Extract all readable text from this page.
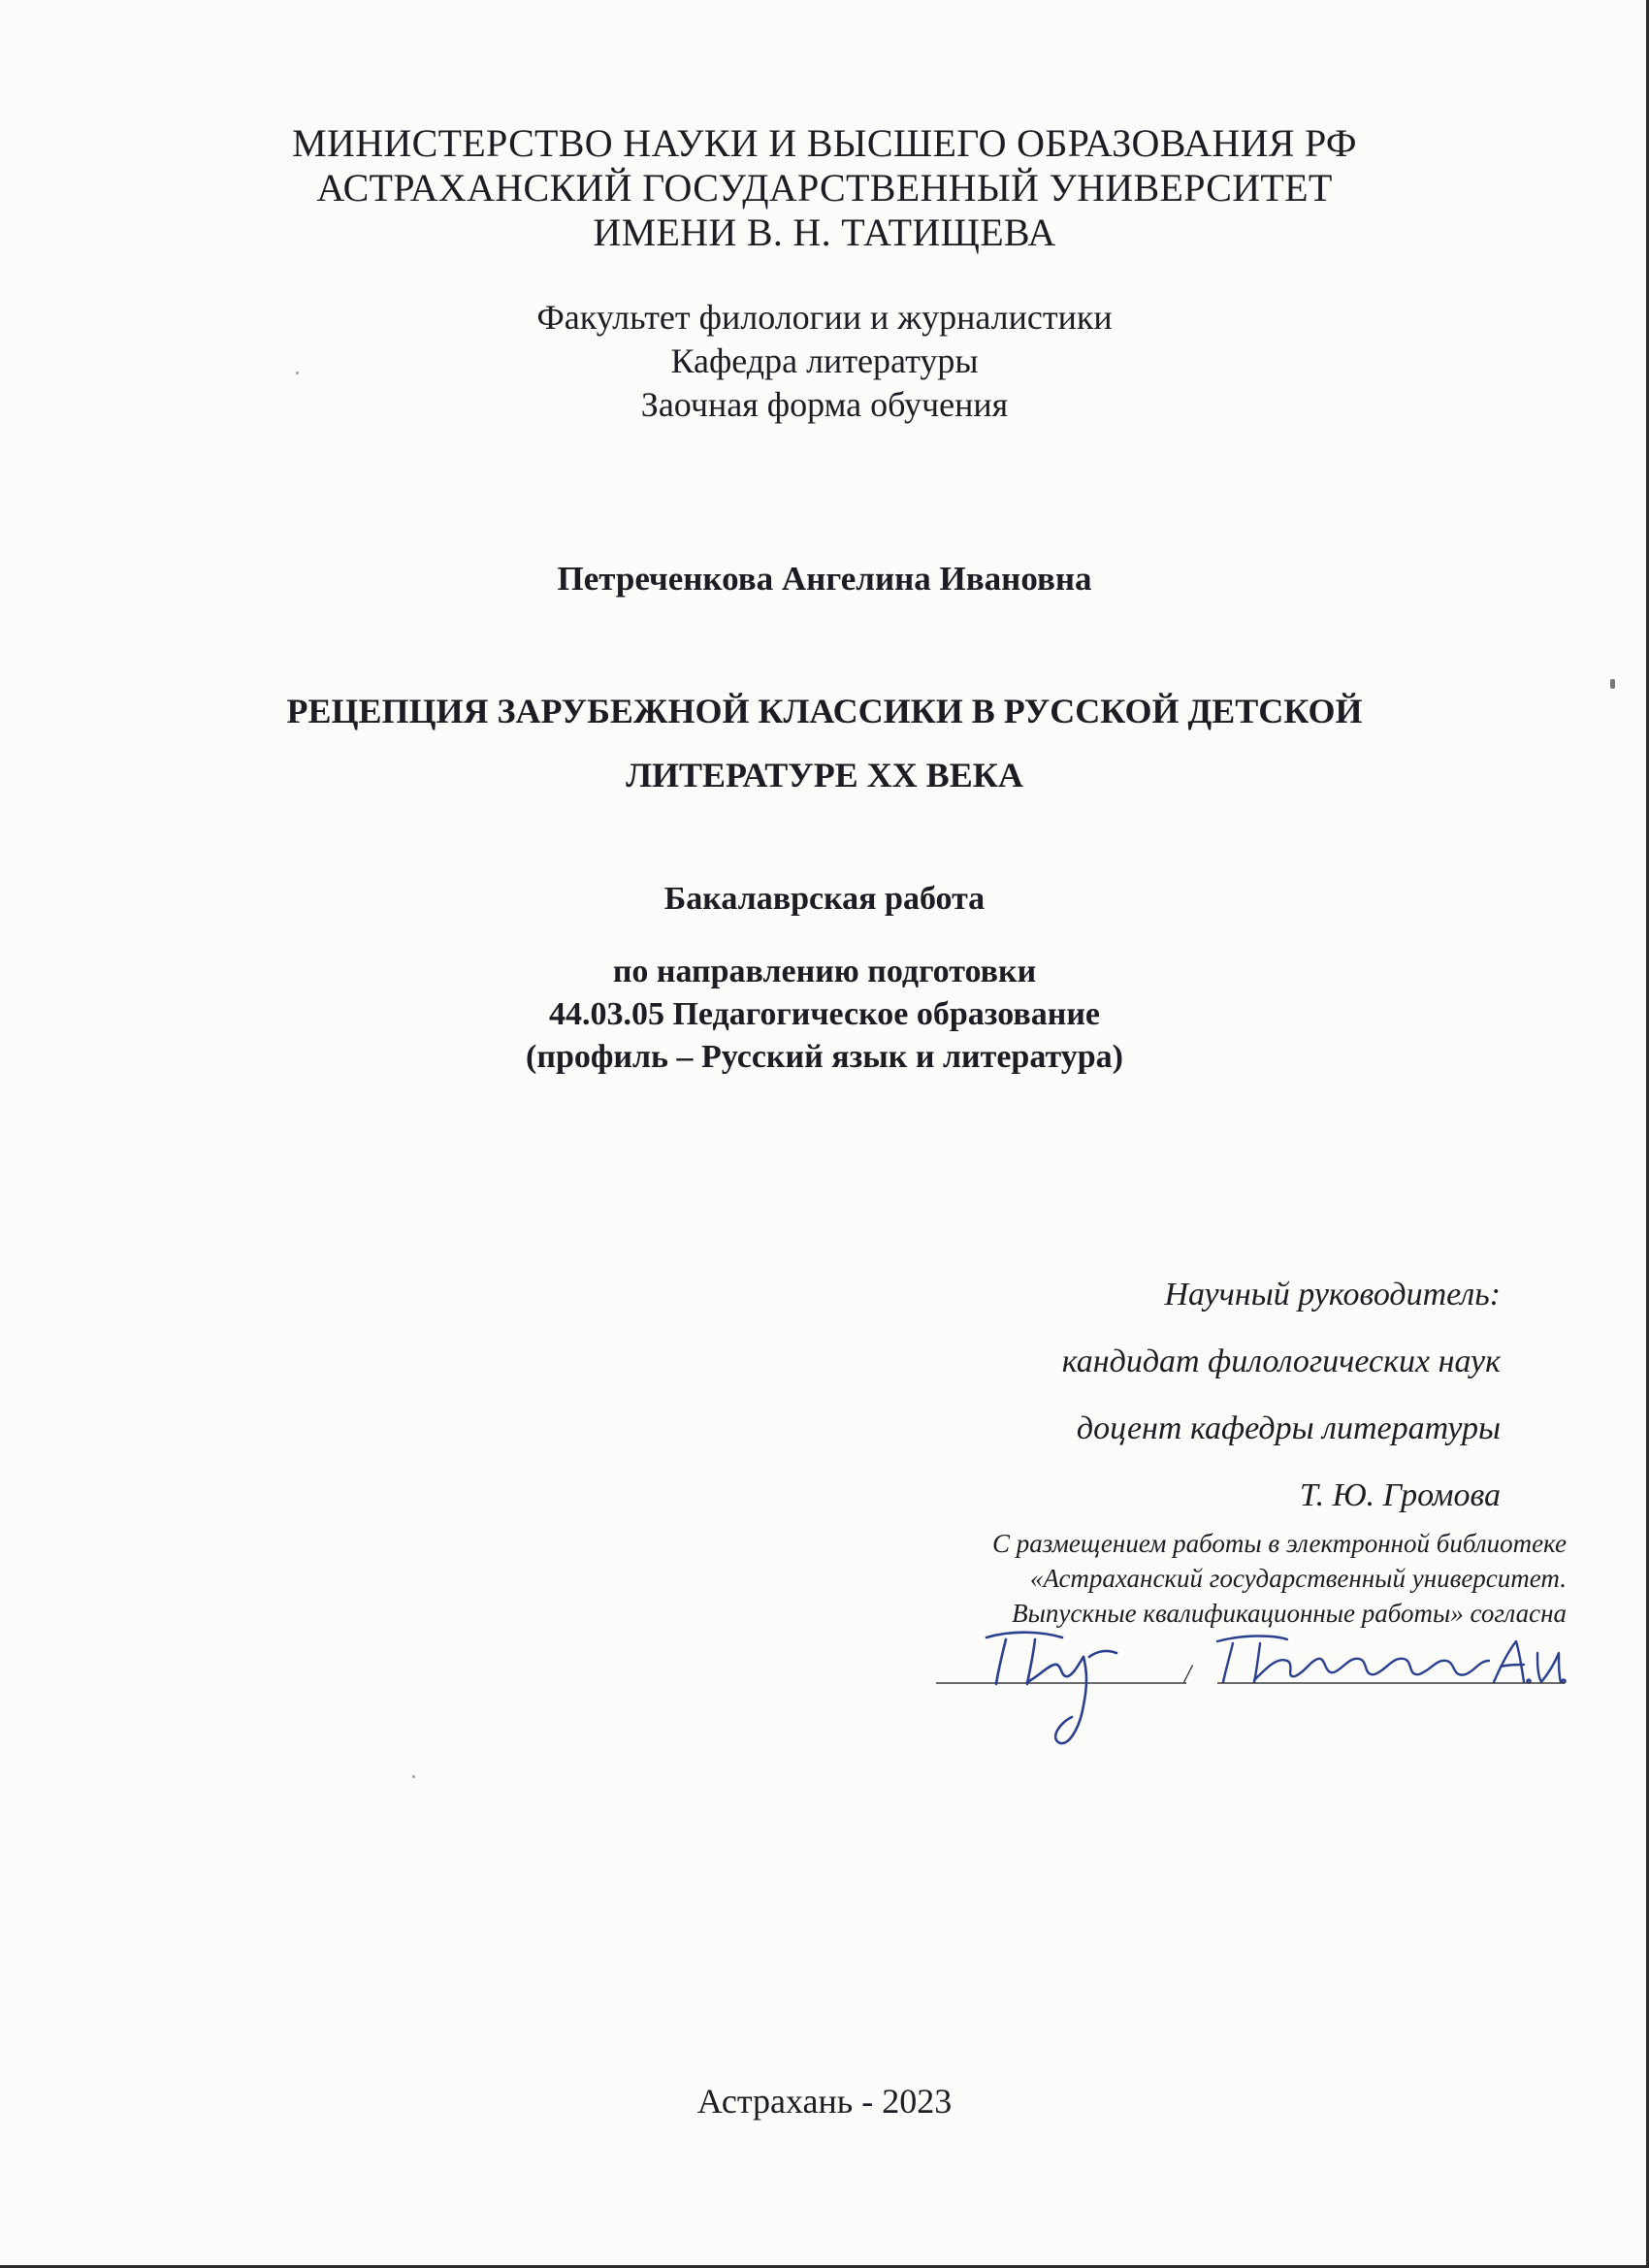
МИНИСТЕРСТВО НАУКИ И ВЫСШЕГО ОБРАЗОВАНИЯ РФ
АСТРАХАНСКИЙ ГОСУДАРСТВЕННЫЙ УНИВЕРСИТЕТ
ИМЕНИ В. Н. ТАТИЩЕВА
Факультет филологии и журналистики
Кафедра литературы
Заочная форма обучения
Петреченкова Ангелина Ивановна
РЕЦЕПЦИЯ ЗАРУБЕЖНОЙ КЛАССИКИ В РУССКОЙ ДЕТСКОЙ
ЛИТЕРАТУРЕ XX ВЕКА
Бакалаврская работа
по направлению подготовки
44.03.05 Педагогическое образование
(профиль – Русский язык и литература)
Научный руководитель:
кандидат филологических наук
доцент кафедры литературы
Т. Ю. Громова
С размещением работы в электронной библиотеке
«Астраханский государственный университет.
Выпускные квалификационные работы» согласна
/
Астрахань - 2023
